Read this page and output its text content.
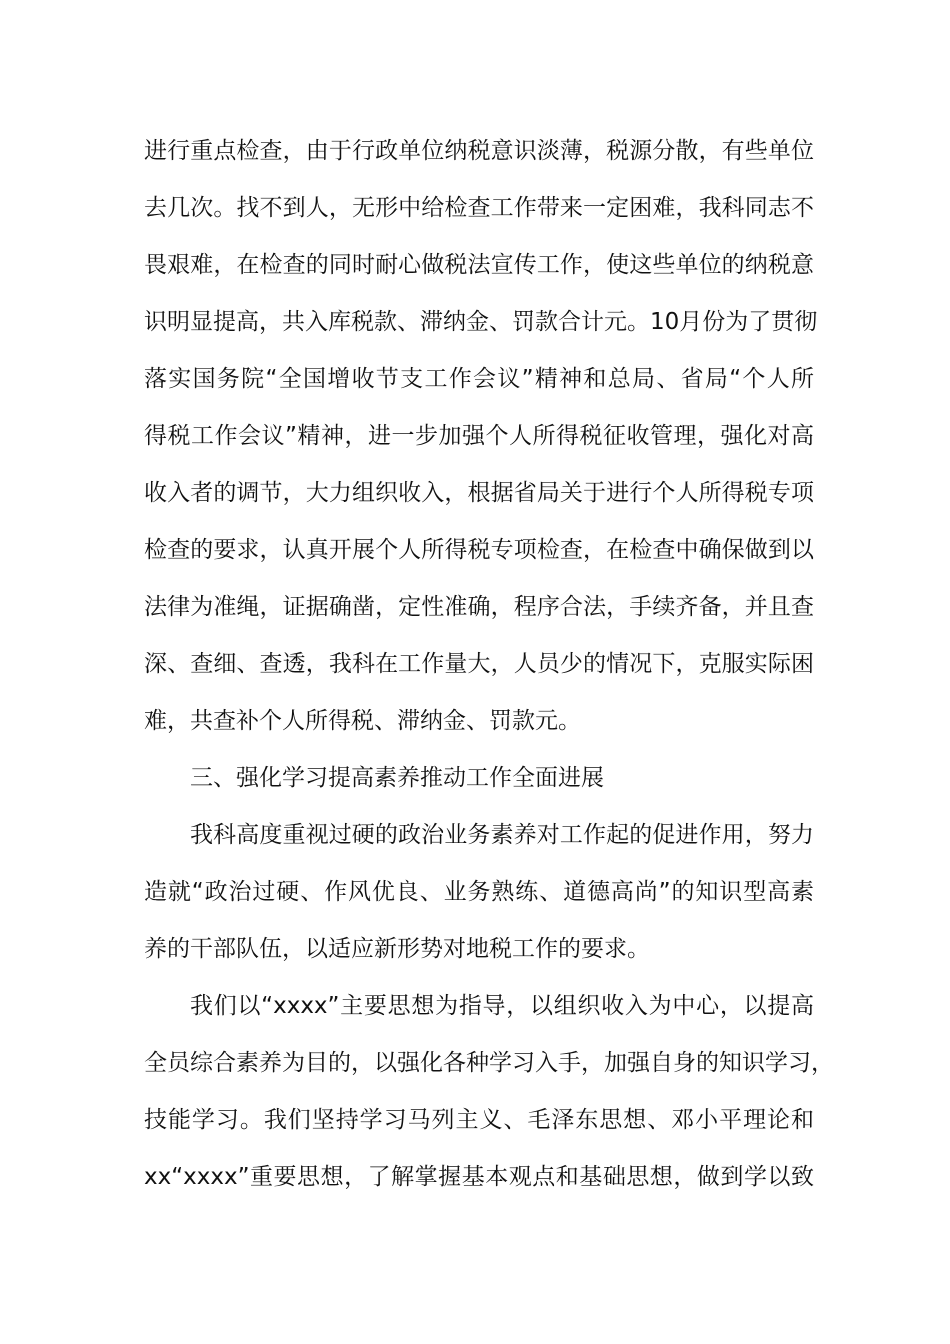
进行重点检查，由于行政单位纳税意识淡薄，税源分散，有些单位
去几次。找不到人，无形中给检查工作带来一定困难，我科同志不
畏艰难，在检查的同时耐心做税法宣传工作，使这些单位的纳税意
识明显提高，共入库税款、滞纳金、罚款合计元。10月份为了贯彻
落实国务院“全国增收节支工作会议”精神和总局、省局“个人所
得税工作会议”精神，进一步加强个人所得税征收管理，强化对高
收入者的调节，大力组织收入，根据省局关于进行个人所得税专项
检查的要求，认真开展个人所得税专项检查，在检查中确保做到以
法律为准绳，证据确凿，定性准确，程序合法，手续齐备，并且查
深、查细、查透，我科在工作量大，人员少的情况下，克服实际困
难，共查补个人所得税、滞纳金、罚款元。
三、强化学习提高素养推动工作全面进展
我科高度重视过硬的政治业务素养对工作起的促进作用，努力
造就“政治过硬、作风优良、业务熟练、道德高尚”的知识型高素
养的干部队伍，以适应新形势对地税工作的要求。
我们以“xxxx”主要思想为指导，以组织收入为中心，以提高
全员综合素养为目的，以强化各种学习入手，加强自身的知识学习，
技能学习。我们坚持学习马列主义、毛泽东思想、邓小平理论和
xx“xxxx”重要思想，了解掌握基本观点和基础思想，做到学以致
